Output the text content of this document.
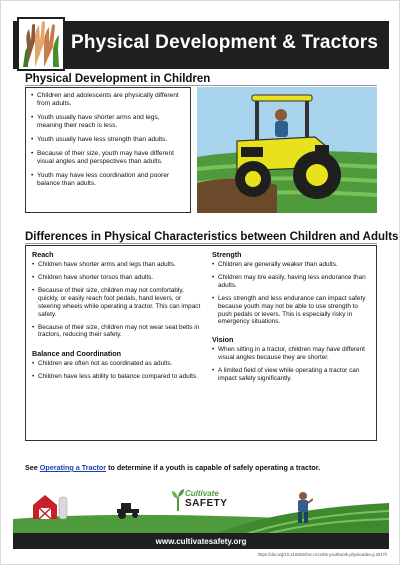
Physical Development & Tractors
Physical Development in Children
• Children and adolescents are physically different from adults.
• Youth usually have shorter arms and legs, meaning their reach is less.
• Youth usually have less strength than adults.
• Because of their size, youth may have different visual angles and perspectives than adults.
• Youth may have less coordination and poorer balance than adults.
Differences in Physical Characteristics between Children and Adults
Reach
• Children have shorter arms and legs than adults.
• Children have shorter torsos than adults.
• Because of their size, children may not comfortably, quickly, or easily reach foot pedals, hand levers, or steering wheels while operating a tractor. This can impact safety.
• Because of their size, children may not wear seat belts in tractors, reducing their safety.
Balance and Coordination
• Children are often not as coordinated as adults.
• Children have less ability to balance compared to adults.
Strength
• Children are generally weaker than adults.
• Children may tire easily, having less endurance than adults.
• Less strength and less endurance can impact safety because youth may not be able to use strength to push pedals or levers. This is especially risky in emergency situations.
Vision
• When sitting in a tractor, children may have different visual angles because they are shorter.
• A limited field of view while operating a tractor can impact safety significantly.
See Operating a Tractor to determine if a youth is capable of safely operating a tractor.
Cultivate
SAFETY
www.cultivatesafety.org
https://doi.org/10.21636/nfmc.nccrahs.youthwork.physicaldev.g.2017/i
